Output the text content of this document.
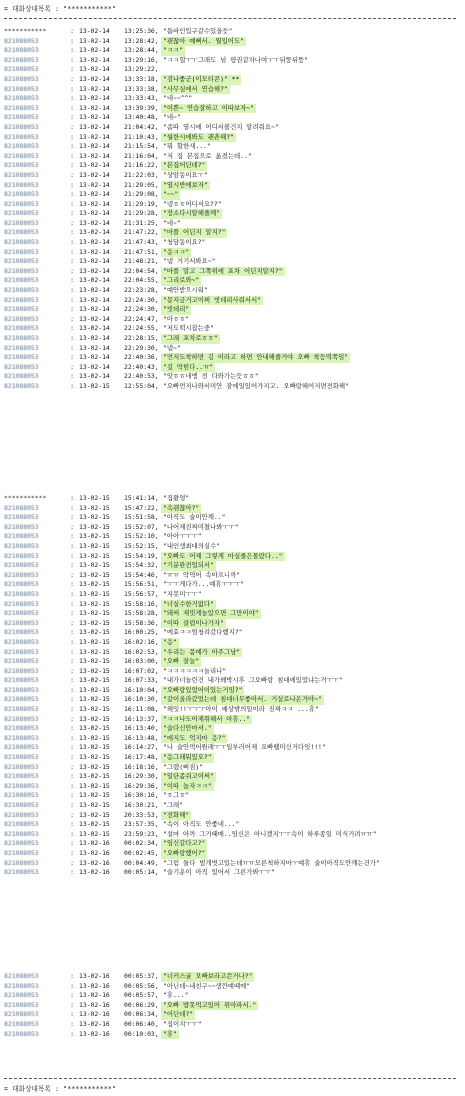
= 대화상대목록 : "***********"
***********	: 13-02-14	13:25:36, "틈바인입구같수있을듯"
821088053	: 13-02-14	13:28:42, "괜찮아 예뻐서. 뭘입어도"
821088053	: 13-02-14	13:28:44, "ㅋㅋ"
821088053	: 13-02-14	13:29:16, "ㅋㅋ헐ㅜㅜ그래도 넘 평권같자나여ㅜㅜ뒤뚱뒤뚱"
821088053	: 13-02-14	13:29:22,
821088053	: 13-02-14	13:33:18, "검나좋군(이모티콘)" **
821088053	: 13-02-14	13:33:38, "사무실에서 연습해?"
821088053	: 13-02-14	13:33:43, "네~~^^"
821088053	: 13-02-14	13:39:39, "이쁜~ 연습잘하고 이따보자~"
821088053	: 13-02-14	13:40:48, "네~"
821088053	: 13-02-14	21:04:42, "좀따 열시에 어디서볼건지 알려줘요~"
821088053	: 13-02-14	21:10:43, "월한시에봐도 괜촌해?"
821088053	: 13-02-14	21:15:54, "뭐 할한새..."
821088053	: 13-02-14	21:16:04, "저 집 본집으로 옮겼는데.."
821088053	: 13-02-14	21:16:22, "본집어딘데?"
821088053	: 13-02-14	21:22:03, "상암동이요ㅜ"
821088053	: 13-02-14	21:29:05, "열시반에보자"
821088053	: 13-02-14	21:29:08, "~~"
821088053	: 13-02-14	21:29:19, "넹ㅎㅎ어디서요??"
821088053	: 13-02-14	21:29:28, "장소다시알해줄께"
821088053	: 13-02-14	21:31:25, "네~"
821088053	: 13-02-14	21:47:22, "마플 어딘지 알지?"
821088053	: 13-02-14	21:47:43, "청담동이요?"
821088053	: 13-02-14	21:47:51, "응ㅋㅋ"
821088053	: 13-02-14	21:48:21, "넴 거기서봐요~"
821088053	: 13-02-14	22:04:54, "마플 말고 그쪽위에 포차 어딘지알지?"
821088053	: 13-02-14	22:04:55, "그리로와~"
821088053	: 13-02-14	22:23:28, "예안받으시워"
821088053	: 13-02-14	22:24:30, "몽지금거고이쩌 빗데리사줘서서"
821088053	: 13-02-14	22:24:30, "빗데리"
821088053	: 13-02-14	22:24:47, "아ㅎㅎ"
821088053	: 13-02-14	22:24:55, "저도떡시잡는중"
821088053	: 13-02-14	22:28:15, "그래 포차로ㅎㅎ"
821088053	: 13-02-14	22:29:30, "넴~"
821088053	: 13-02-14	22:40:36, "먼저도착하면 김 이라고 하면 안내해줄거야 오빠 착등역쪽임"
821088053	: 13-02-14	22:40:43, "길 막힌다..ㅠ"
821088053	: 13-02-14	22:40:53, "앗ㅎㅎ네엥 전 다와가는듯ㅎㅎ"
821088053	: 13-02-15	12:55:04, "오빠먼저나와서미안 잠에일있어가지고. 오빠랑헤어지면전화해"
***********	: 13-02-15	15:41:14, "집왔엉"
821088053	: 13-02-15	15:47:22, "속괜찮아?"
821088053	: 13-02-15	15:51:58, "아직도 술이안깨.."
821088053	: 13-02-15	15:52:07, "나어제진짜미쳤나봐ㅜㅜ"
821088053	: 13-02-15	15:52:10, "아아ㅜㅜㅜ"
821088053	: 13-02-15	15:52:15, "내인생최대의실수"
821088053	: 13-02-15	15:54:19, "오빠도 어제 그렇게 마실줄은몰랐다.."
821088053	: 13-02-15	15:54:32, "기분완전업되서"
821088053	: 13-02-15	15:54:46, "ㅠㅠ 악역어 속아프니까"
821088053	: 13-02-15	15:56:51, "ㅜㅜ게다가...예휴ㅜㅜㅜ"
821088053	: 13-02-15	15:56:57, "지못미ㅜㅜ"
821088053	: 13-02-15	15:58:16, "너실수한거없다"
821088053	: 13-02-15	15:58:28, "돼써 재밋게놀았으면 그만이야"
821088053	: 13-02-15	15:58:36, "이따 클럽이나가자"
821088053	: 13-02-15	16:00:25, "에효ㅋㅋ엄청려갔다했지?"
821088053	: 13-02-15	16:02:16, "응"
821088053	: 13-02-15	16:02:53, "우리는 몸매가 아주그냥"
821088053	: 13-02-15	16:03:00, "오빠 잘늘"
821088053	: 13-02-15	16:07:02, "ㅋㅋㅋㅋㅋㅋ놀리나"
821088053	: 13-02-15	16:07:33, "내가너놀린건 내가왜박시후 그오빠랑 침대에있었냐는거ㅜㅜ"
821088053	: 13-02-15	16:10:04, "오빠랑있었어이있는거임?"
821088053	: 13-02-15	16:10:30, "같이올라갔었는데 침대너무좋아서. 거실로나온거야~"
821088053	: 13-02-15	16:11:08, "헤잇!!ㅜㅜㅜ아이 예상밖의일이라 진짜ㅋㅋ ...휴"
821088053	: 13-02-15	16:13:37, "ㅋㅋ나도어제취해서 아휴.."
821088053	: 13-02-15	16:13:40, "술다신안마셔."
821088053	: 13-02-15	16:13:48, "에지도 억지마 응?"
821088053	: 13-02-15	16:14:27, "나 술안먹어원래ㅜㅜ일부러어제 오빠땜미신거다잇!!!"
821088053	: 13-02-15	16:17:48, "응그래뭐있오?"
821088053	: 13-02-15	16:18:16, "그랬(삐짐)"
821088053	: 13-02-15	16:29:30, "일단좀쉬고이써"
821088053	: 13-02-15	16:29:36, "이따 놀자ㅋㅋ"
821088053	: 13-02-15	16:30:16, "ㅎ그ㅎ"
821088053	: 13-02-15	16:30:21, "그래"
821088053	: 13-02-15	20:33:53, "전화해"
821088053	: 13-02-15	23:57:35, "속이 아직도 안좋네..."
821088053	: 13-02-15	23:59:23, "설마 아까 그거때매..임신은 아니겠지ㅜㅜ속이 하루종일 미식거려ㅠㅠ"
821088053	: 13-02-16	00:02:34, "임신같다고?"
821088053	: 13-02-16	00:02:45, "오빠랑했어?"
821088053	: 13-02-16	00:04:49, "그럼 둘다 벌개벗고있는데ㅠㅠ모른척하지마ㅜ예휴 술이아직도안깨는건가"
821088053	: 13-02-16	00:05:14, "술기운이 아직 있어서 그른가봐ㅜㅜ"
821088053	: 13-02-16	00:05:37, "너커스굴 오빠보라고쓴거나?"
821088053	: 13-02-16	00:05:56, "아닌데~내친구~~생깐얘때매"
821088053	: 13-02-16	00:05:57, "휴..."
821088053	: 13-02-16	00:06:29, "오빠 밥못먹고있어 위아파서."
821088053	: 13-02-16	00:06:34, "어딘데?"
821088053	: 13-02-16	00:06:40, "집이지ㅜㅜ"
821088053	: 13-02-16	00:10:03, "휴"
= 대화상대목록 : "***********"
